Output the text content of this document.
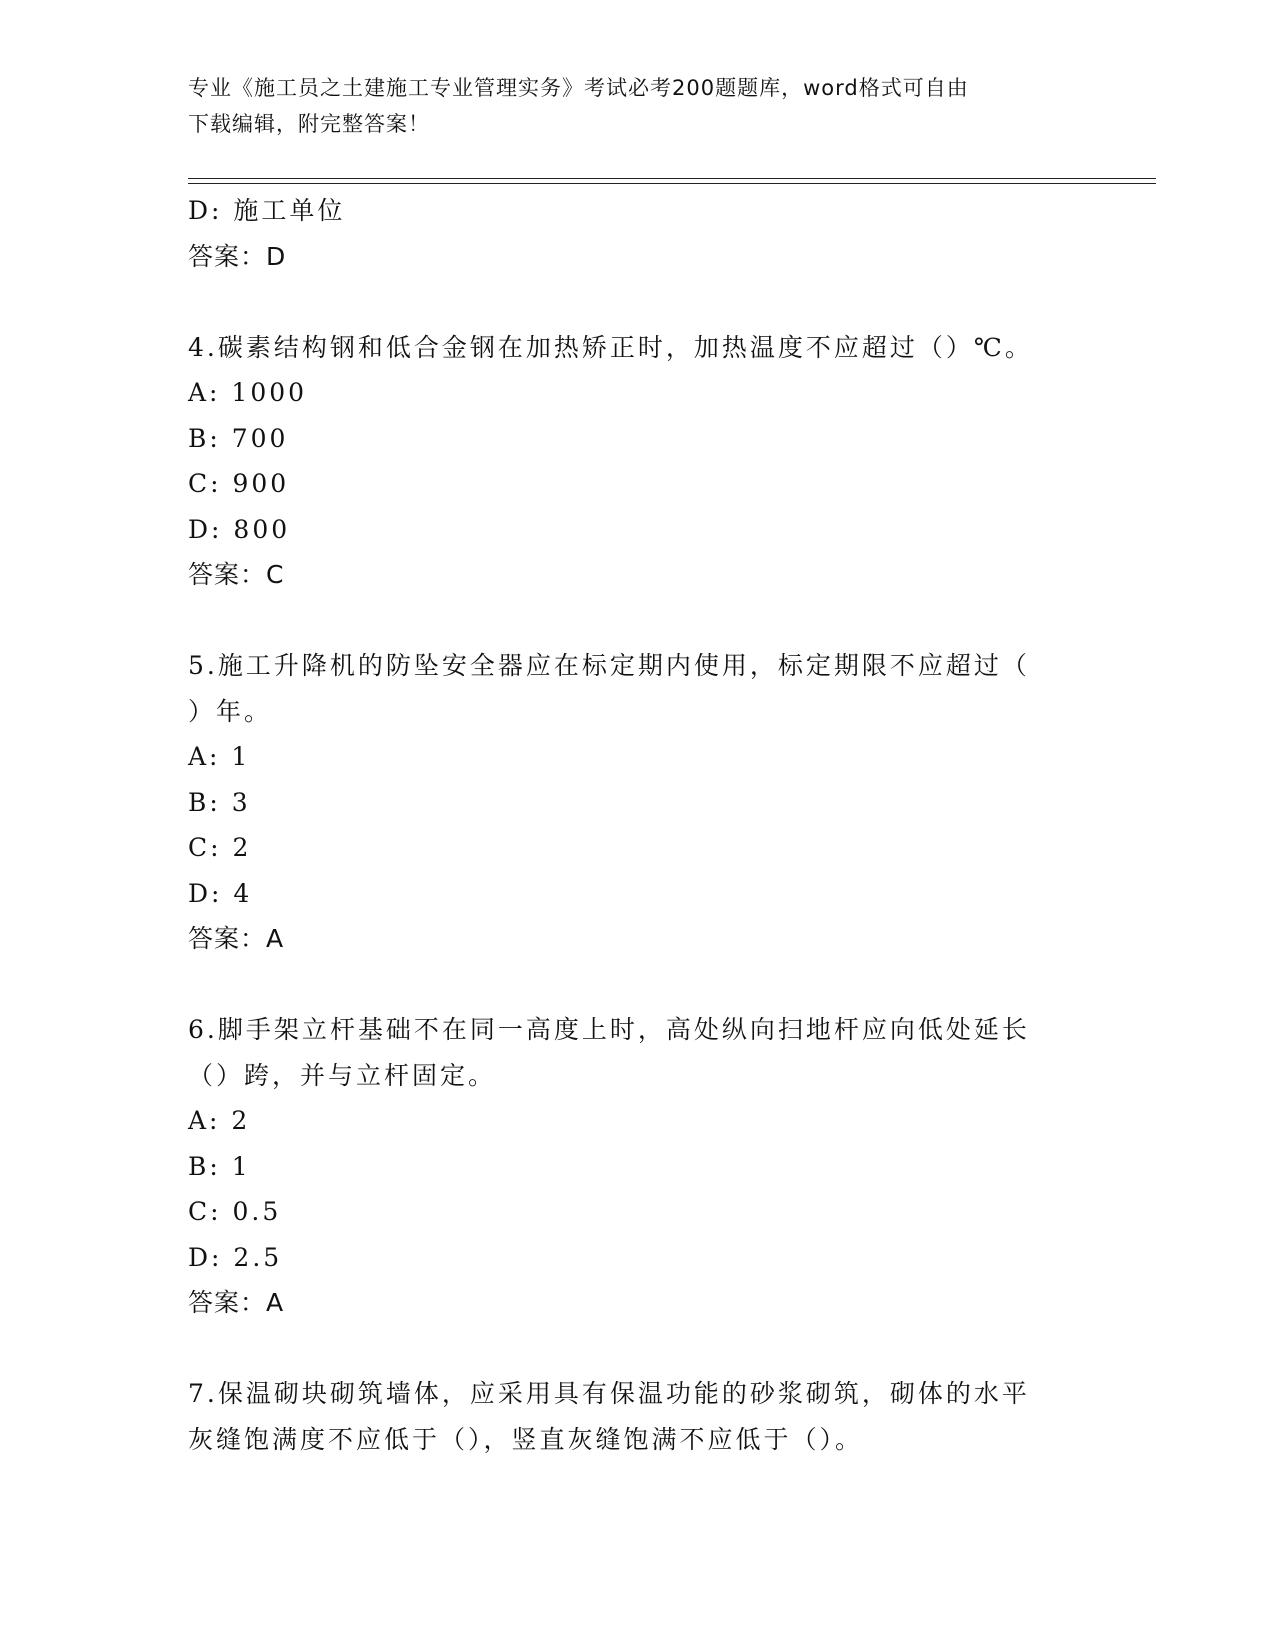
专业《施工员之土建施工专业管理实务》考试必考200题题库，word格式可自由
下载编辑，附完整答案！
D: 施工单位
答案：D
4.碳素结构钢和低合金钢在加热矫正时，加热温度不应超过（）℃。
A: 1000
B: 700
C: 900
D: 800
答案：C
5.施工升降机的防坠安全器应在标定期内使用，标定期限不应超过（
）年。
A: 1
B: 3
C: 2
D: 4
答案：A
6.脚手架立杆基础不在同一高度上时，高处纵向扫地杆应向低处延长
（）跨，并与立杆固定。
A: 2
B: 1
C: 0.5
D: 2.5
答案：A
7.保温砌块砌筑墙体，应采用具有保温功能的砂浆砌筑，砌体的水平
灰缝饱满度不应低于（），竖直灰缝饱满不应低于（）。
